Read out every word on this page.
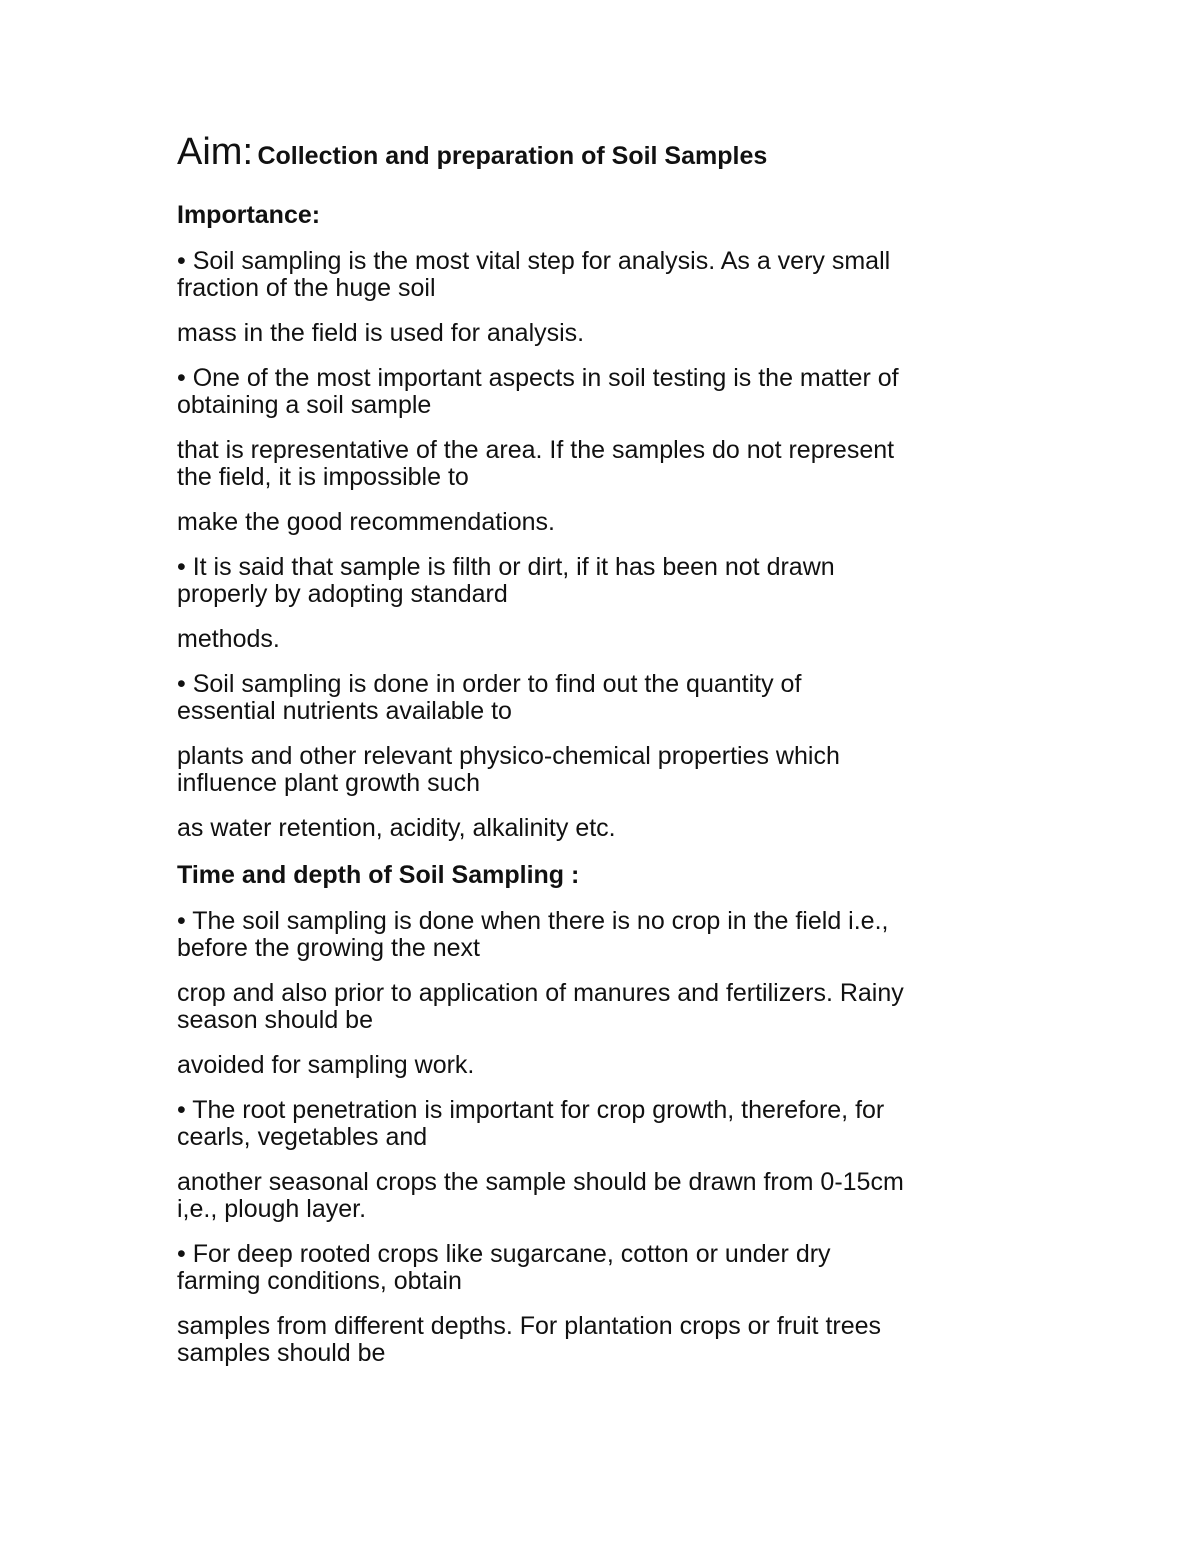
Aim: Collection and preparation of Soil Samples
Importance:
• Soil sampling is the most vital step for analysis. As a very small
fraction of the huge soil
mass in the field is used for analysis.
• One of the most important aspects in soil testing is the matter of
obtaining a soil sample
that is representative of the area. If the samples do not represent
the field, it is impossible to
make the good recommendations.
• It is said that sample is filth or dirt, if it has been not drawn
properly by adopting standard
methods.
• Soil sampling is done in order to find out the quantity of
essential nutrients available to
plants and other relevant physico-chemical properties which
influence plant growth such
as water retention, acidity, alkalinity etc.
Time and depth of Soil Sampling :
• The soil sampling is done when there is no crop in the field i.e.,
before the growing the next
crop and also prior to application of manures and fertilizers. Rainy
season should be
avoided for sampling work.
• The root penetration is important for crop growth, therefore, for
cearls, vegetables and
another seasonal crops the sample should be drawn from 0-15cm
i,e., plough layer.
• For deep rooted crops like sugarcane, cotton or under dry
farming conditions, obtain
samples from different depths. For plantation crops or fruit trees
samples should be
